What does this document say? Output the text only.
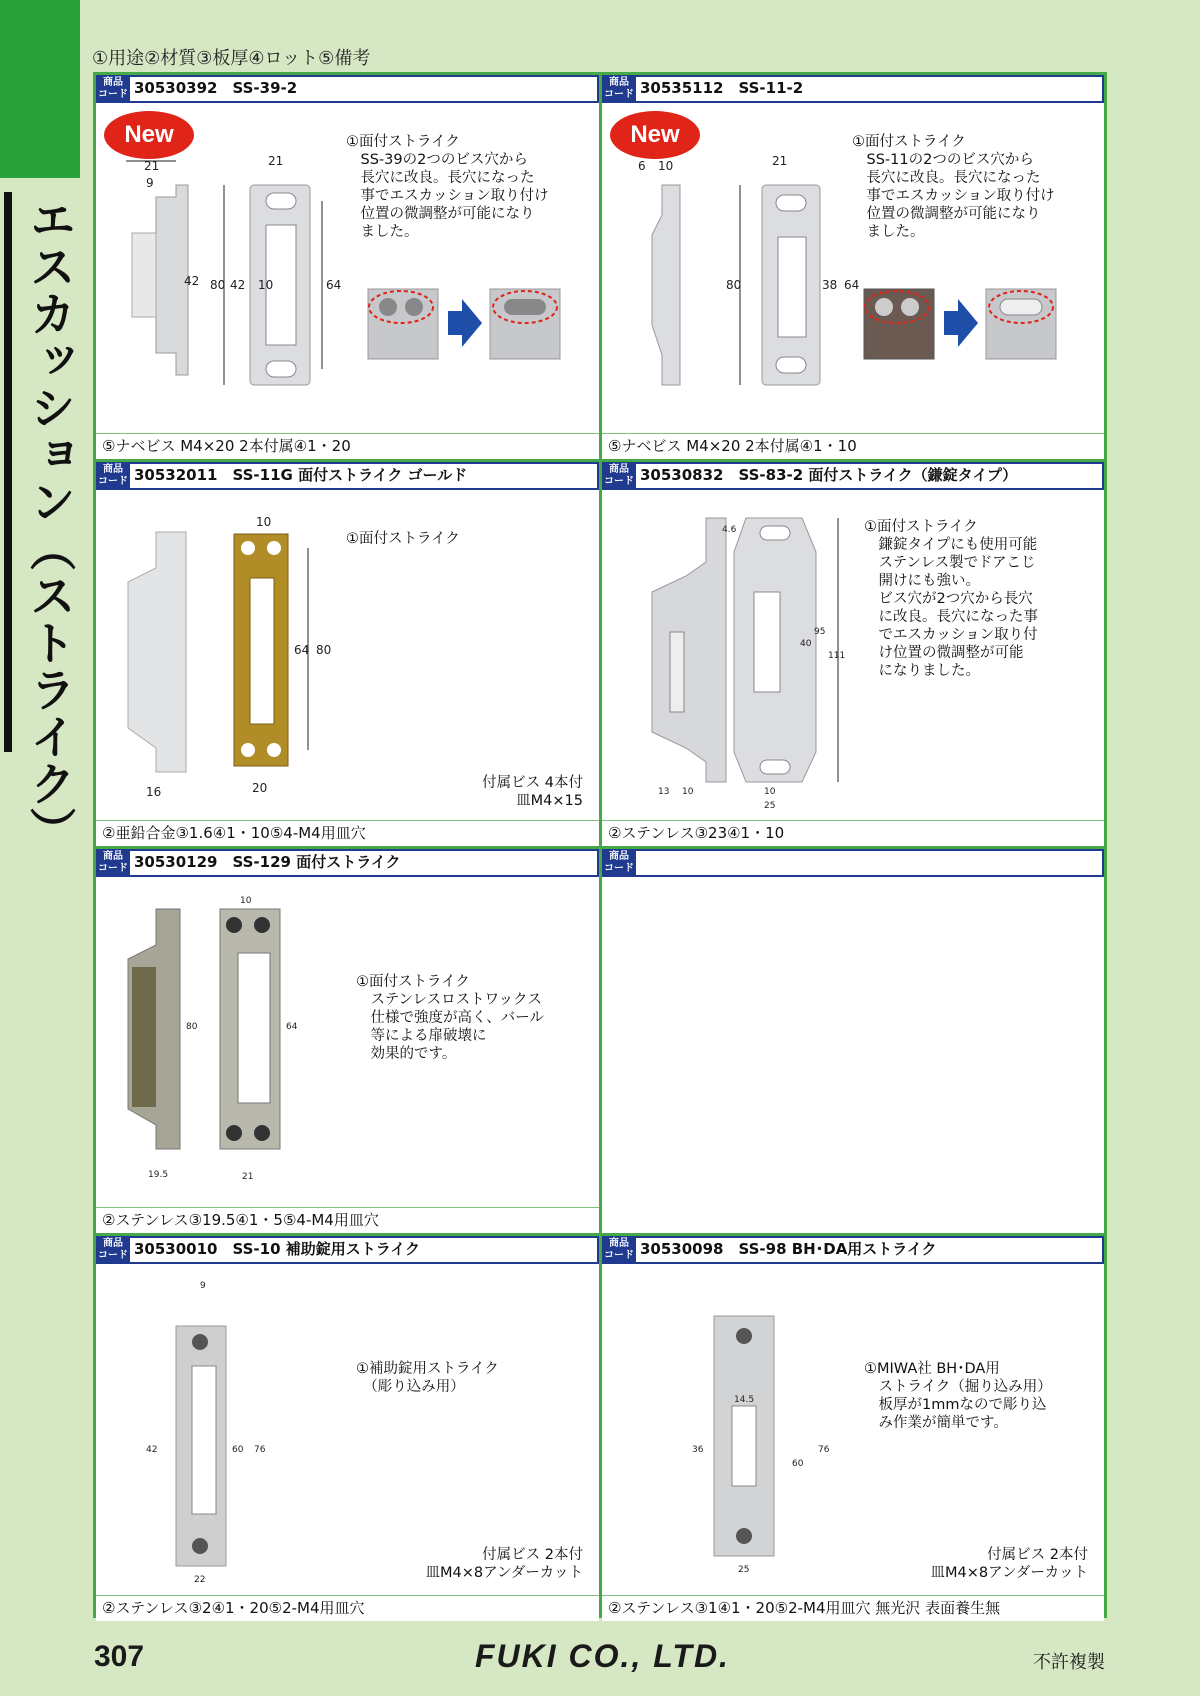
エスカッション（ストライク）
①用途②材質③板厚④ロット⑤備考
商品
コード 30530392　SS-39-2
New
21
9
42
21
80 42 10	64
①面付ストライク
　SS-39の2つのビス穴から
　長穴に改良。長穴になった
　事でエスカッション取り付け
　位置の微調整が可能になり
　ました。
⑤ナベビス M4×20 2本付属④1・20
商品
コード 30535112　SS-11-2
New
6 10	21
80	38 64
①面付ストライク
　SS-11の2つのビス穴から
　長穴に改良。長穴になった
　事でエスカッション取り付け
　位置の微調整が可能になり
　ました。
⑤ナベビス M4×20 2本付属④1・10
商品
コード 30532011　SS-11G 面付ストライク ゴールド
16
10
20
64 80
①面付ストライク
付属ビス 4本付
皿M4×15
②亜鉛合金③1.6④1・10⑤4-M4用皿穴
商品
コード 30530832　SS-83-2 面付ストライク（鎌錠タイプ）
4.6
95
40
111
13 10	10
25
①面付ストライク
　鎌錠タイプにも使用可能
　ステンレス製でドアこじ
　開けにも強い。
　ビス穴が2つ穴から長穴
　に改良。長穴になった事
　でエスカッション取り付
　け位置の微調整が可能
　になりました。
②ステンレス③23④1・10
商品
コード 30530129　SS-129 面付ストライク
80
19.5
10
21
64
①面付ストライク
　ステンレスロストワックス
　仕様で強度が高く、バール
　等による扉破壊に
　効果的です。
②ステンレス③19.5④1・5⑤4-M4用皿穴
商品
コード
商品
コード 30530010　SS-10 補助錠用ストライク
9
42	60 76
22
①補助錠用ストライク
　（彫り込み用）
付属ビス 2本付
皿M4×8アンダーカット
②ステンレス③2④1・20⑤2-M4用皿穴
商品
コード 30530098　SS-98 BH･DA用ストライク
14.5
36
60
76
25
①MIWA社 BH･DA用
　ストライク（掘り込み用）
　板厚が1mmなので彫り込
　み作業が簡単です。
付属ビス 2本付
皿M4×8アンダーカット
②ステンレス③1④1・20⑤2-M4用皿穴 無光沢 表面養生無
307	FUKI CO., LTD.	不許複製
